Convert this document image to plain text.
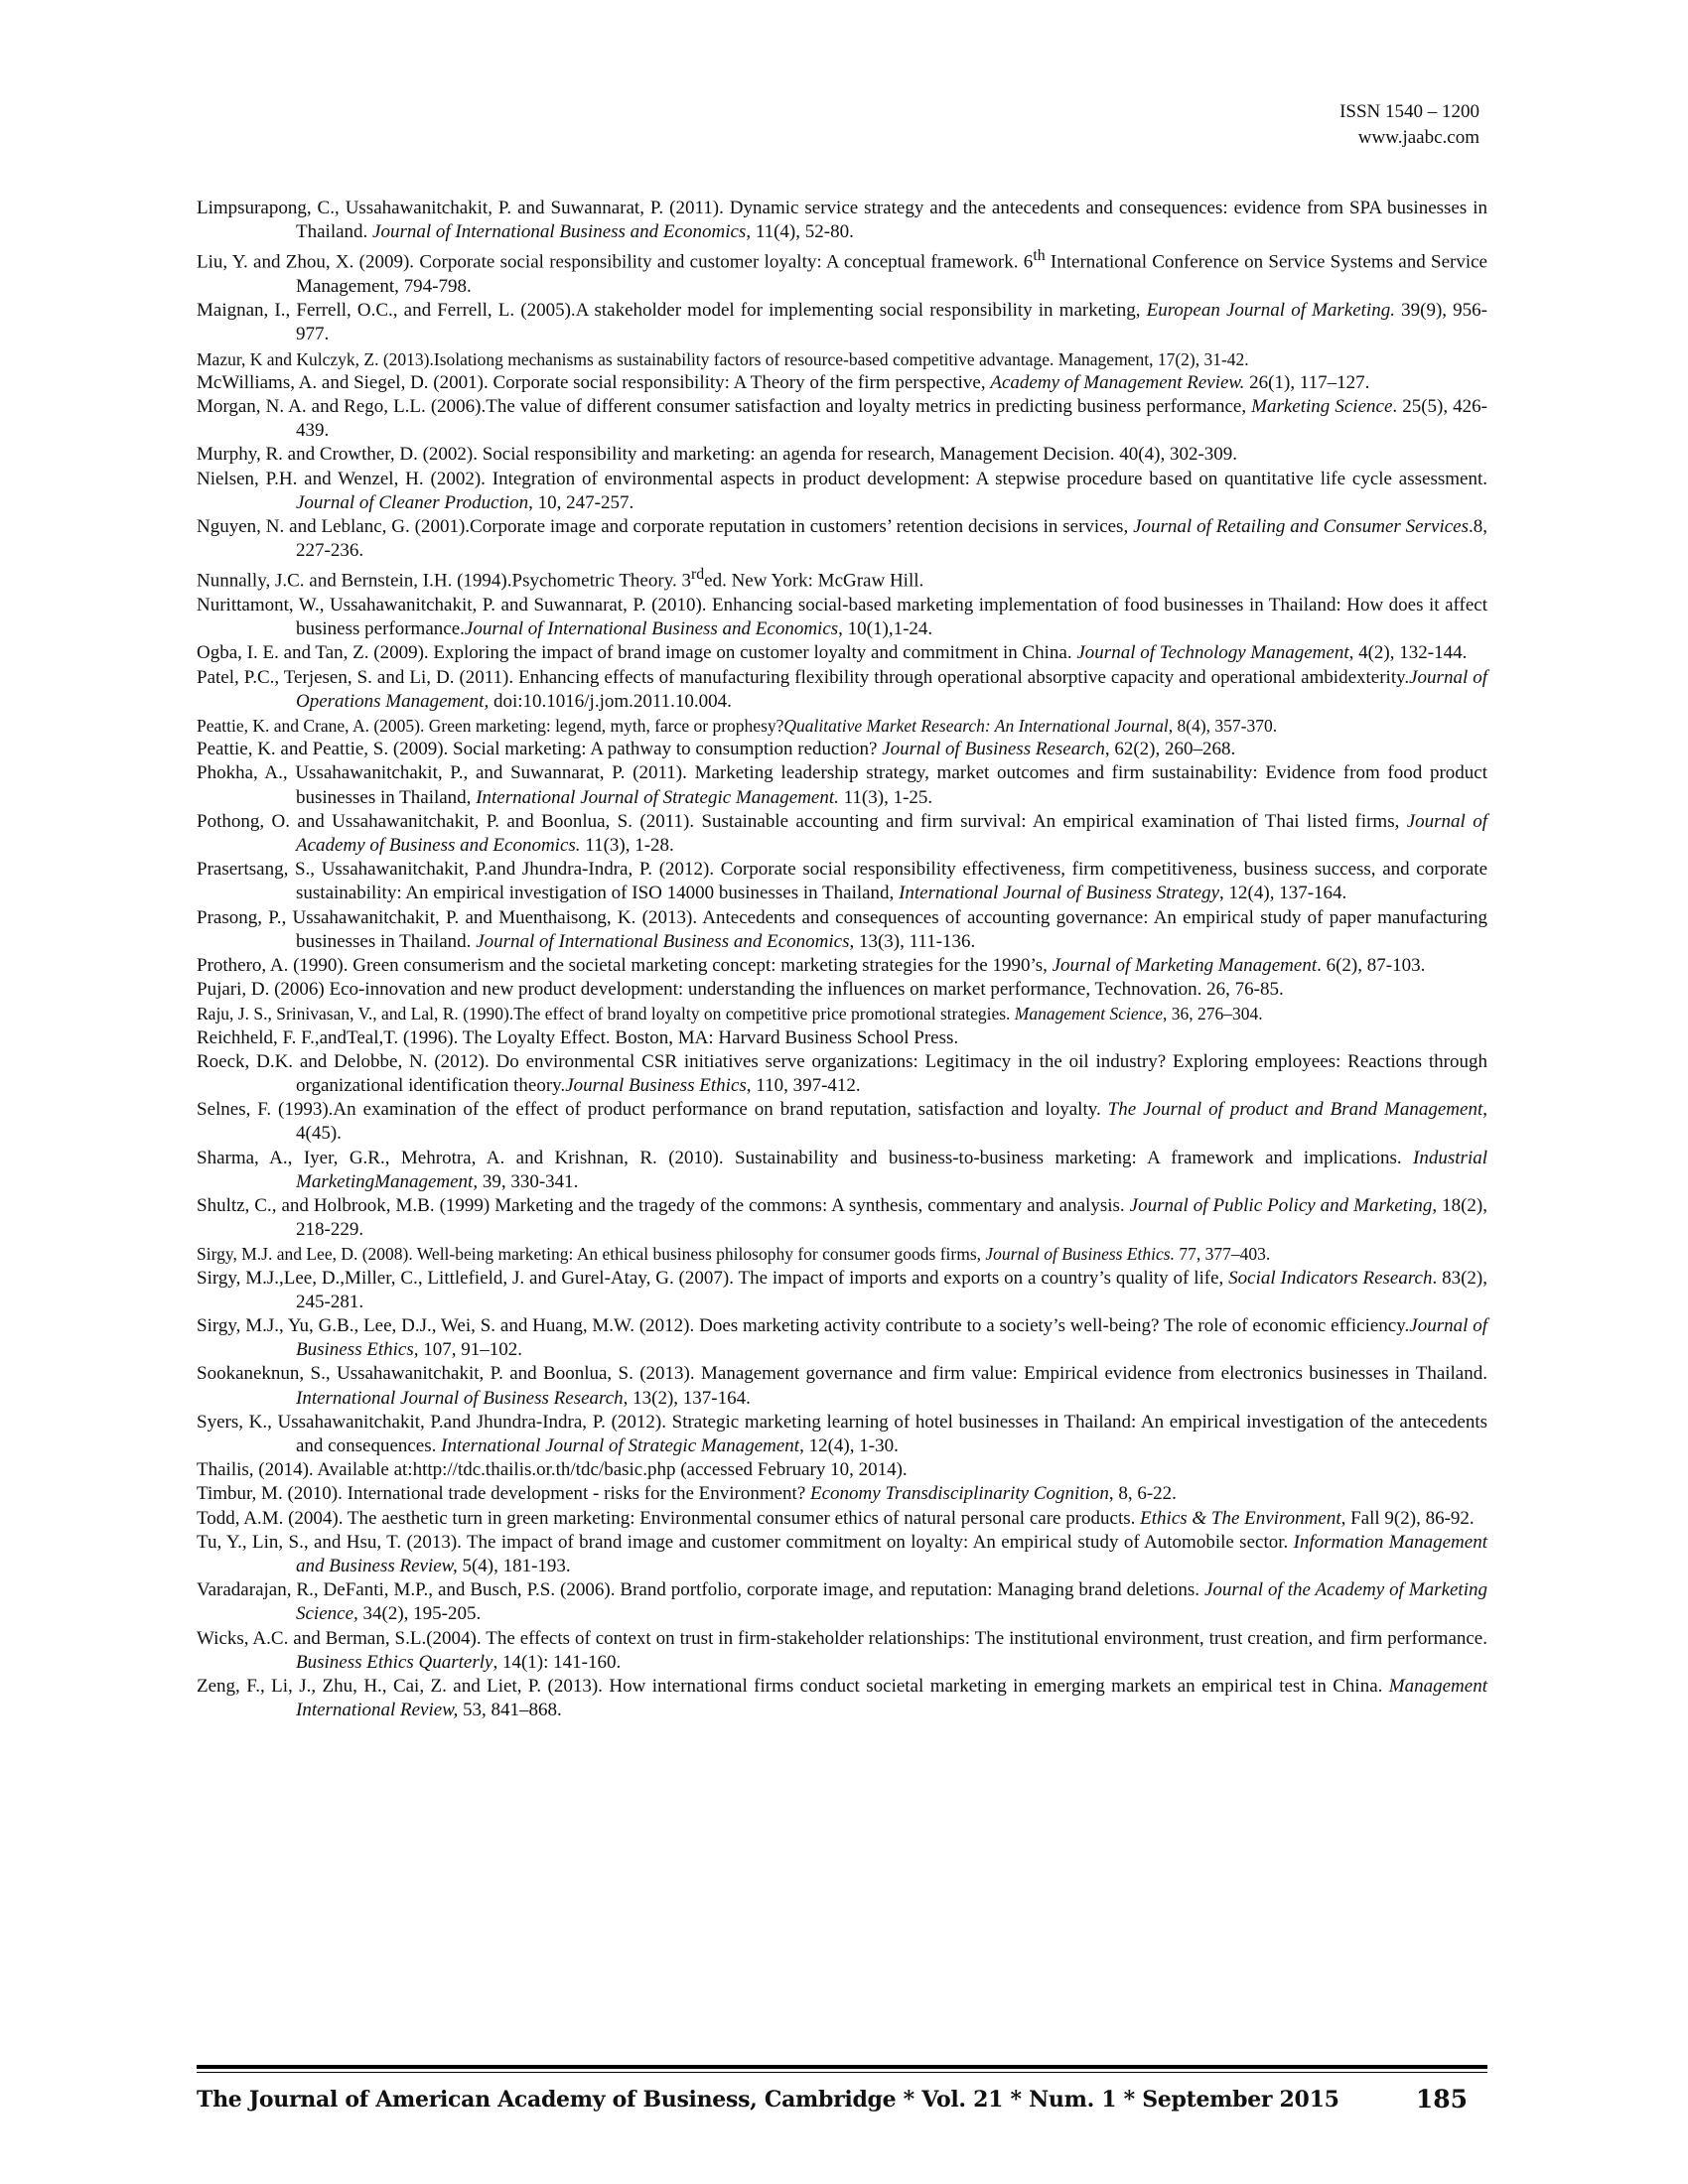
ISSN 1540 – 1200
www.jaabc.com

Limpsurapong, C., Ussahawanitchakit, P. and Suwannarat, P. (2011). Dynamic service strategy and the antecedents and consequences: evidence from SPA businesses in Thailand. Journal of International Business and Economics, 11(4), 52-80.

Liu, Y. and Zhou, X. (2009). Corporate social responsibility and customer loyalty: A conceptual framework. 6th International Conference on Service Systems and Service Management, 794-798.

Maignan, I., Ferrell, O.C., and Ferrell, L. (2005).A stakeholder model for implementing social responsibility in marketing, European Journal of Marketing. 39(9), 956-977.

Mazur, K and Kulczyk, Z. (2013).Isolationg mechanisms as sustainability factors of resource-based competitive advantage. Management, 17(2), 31-42.

McWilliams, A. and Siegel, D. (2001). Corporate social responsibility: A Theory of the firm perspective, Academy of Management Review. 26(1), 117–127.

Morgan, N. A. and Rego, L.L. (2006).The value of different consumer satisfaction and loyalty metrics in predicting business performance, Marketing Science. 25(5), 426-439.

Murphy, R. and Crowther, D. (2002). Social responsibility and marketing: an agenda for research, Management Decision. 40(4), 302-309.

Nielsen, P.H. and Wenzel, H. (2002). Integration of environmental aspects in product development: A stepwise procedure based on quantitative life cycle assessment. Journal of Cleaner Production, 10, 247-257.

Nguyen, N. and Leblanc, G. (2001).Corporate image and corporate reputation in customers’ retention decisions in services, Journal of Retailing and Consumer Services.8, 227-236.

Nunnally, J.C. and Bernstein, I.H. (1994).Psychometric Theory. 3rded. New York: McGraw Hill.

Nurittamont, W., Ussahawanitchakit, P. and Suwannarat, P. (2010). Enhancing social-based marketing implementation of food businesses in Thailand: How does it affect business performance.Journal of International Business and Economics, 10(1),1-24.

Ogba, I. E. and Tan, Z. (2009). Exploring the impact of brand image on customer loyalty and commitment in China. Journal of Technology Management, 4(2), 132-144.

Patel, P.C., Terjesen, S. and Li, D. (2011). Enhancing effects of manufacturing flexibility through operational absorptive capacity and operational ambidexterity.Journal of Operations Management, doi:10.1016/j.jom.2011.10.004.

Peattie, K. and Crane, A. (2005). Green marketing: legend, myth, farce or prophesy?Qualitative Market Research: An International Journal, 8(4), 357-370.

Peattie, K. and Peattie, S. (2009). Social marketing: A pathway to consumption reduction? Journal of Business Research, 62(2), 260–268.

Phokha, A., Ussahawanitchakit, P., and Suwannarat, P. (2011). Marketing leadership strategy, market outcomes and firm sustainability: Evidence from food product businesses in Thailand, International Journal of Strategic Management. 11(3), 1-25.

Pothong, O. and Ussahawanitchakit, P. and Boonlua, S. (2011). Sustainable accounting and firm survival: An empirical examination of Thai listed firms, Journal of Academy of Business and Economics. 11(3), 1-28.

Prasertsang, S., Ussahawanitchakit, P.and Jhundra-Indra, P. (2012). Corporate social responsibility effectiveness, firm competitiveness, business success, and corporate sustainability: An empirical investigation of ISO 14000 businesses in Thailand, International Journal of Business Strategy, 12(4), 137-164.

Prasong, P., Ussahawanitchakit, P. and Muenthaisong, K. (2013). Antecedents and consequences of accounting governance: An empirical study of paper manufacturing businesses in Thailand. Journal of International Business and Economics, 13(3), 111-136.

Prothero, A. (1990). Green consumerism and the societal marketing concept: marketing strategies for the 1990’s, Journal of Marketing Management. 6(2), 87-103.

Pujari, D. (2006) Eco-innovation and new product development: understanding the influences on market performance, Technovation. 26, 76-85.

Raju, J. S., Srinivasan, V., and Lal, R. (1990).The effect of brand loyalty on competitive price promotional strategies. Management Science, 36, 276–304.

Reichheld, F. F.,andTeal,T. (1996). The Loyalty Effect. Boston, MA: Harvard Business School Press.

Roeck, D.K. and Delobbe, N. (2012). Do environmental CSR initiatives serve organizations: Legitimacy in the oil industry? Exploring employees: Reactions through organizational identification theory.Journal Business Ethics, 110, 397-412.

Selnes, F. (1993).An examination of the effect of product performance on brand reputation, satisfaction and loyalty. The Journal of product and Brand Management, 4(45).

Sharma, A., Iyer, G.R., Mehrotra, A. and Krishnan, R. (2010). Sustainability and business-to-business marketing: A framework and implications. Industrial MarketingManagement, 39, 330-341.

Shultz, C., and Holbrook, M.B. (1999) Marketing and the tragedy of the commons: A synthesis, commentary and analysis. Journal of Public Policy and Marketing, 18(2), 218-229.

Sirgy, M.J. and Lee, D. (2008). Well-being marketing: An ethical business philosophy for consumer goods firms, Journal of Business Ethics. 77, 377–403.

Sirgy, M.J.,Lee, D.,Miller, C., Littlefield, J. and Gurel-Atay, G. (2007). The impact of imports and exports on a country’s quality of life, Social Indicators Research. 83(2), 245-281.

Sirgy, M.J., Yu, G.B., Lee, D.J., Wei, S. and Huang, M.W. (2012). Does marketing activity contribute to a society’s well-being? The role of economic efficiency.Journal of Business Ethics, 107, 91–102.

Sookaneknun, S., Ussahawanitchakit, P. and Boonlua, S. (2013). Management governance and firm value: Empirical evidence from electronics businesses in Thailand. International Journal of Business Research, 13(2), 137-164.

Syers, K., Ussahawanitchakit, P.and Jhundra-Indra, P. (2012). Strategic marketing learning of hotel businesses in Thailand: An empirical investigation of the antecedents and consequences. International Journal of Strategic Management, 12(4), 1-30.

Thailis, (2014). Available at:http://tdc.thailis.or.th/tdc/basic.php (accessed February 10, 2014).

Timbur, M. (2010). International trade development - risks for the Environment? Economy Transdisciplinarity Cognition, 8, 6-22.

Todd, A.M. (2004). The aesthetic turn in green marketing: Environmental consumer ethics of natural personal care products. Ethics & The Environment, Fall 9(2), 86-92.

Tu, Y., Lin, S., and Hsu, T. (2013). The impact of brand image and customer commitment on loyalty: An empirical study of Automobile sector. Information Management and Business Review, 5(4), 181-193.

Varadarajan, R., DeFanti, M.P., and Busch, P.S. (2006). Brand portfolio, corporate image, and reputation: Managing brand deletions. Journal of the Academy of Marketing Science, 34(2), 195-205.

Wicks, A.C. and Berman, S.L.(2004). The effects of context on trust in firm-stakeholder relationships: The institutional environment, trust creation, and firm performance. Business Ethics Quarterly, 14(1): 141-160.

Zeng, F., Li, J., Zhu, H., Cai, Z. and Liet, P. (2013). How international firms conduct societal marketing in emerging markets an empirical test in China. Management International Review, 53, 841–868.

The Journal of American Academy of Business, Cambridge * Vol. 21 * Num. 1 * September 2015	185
